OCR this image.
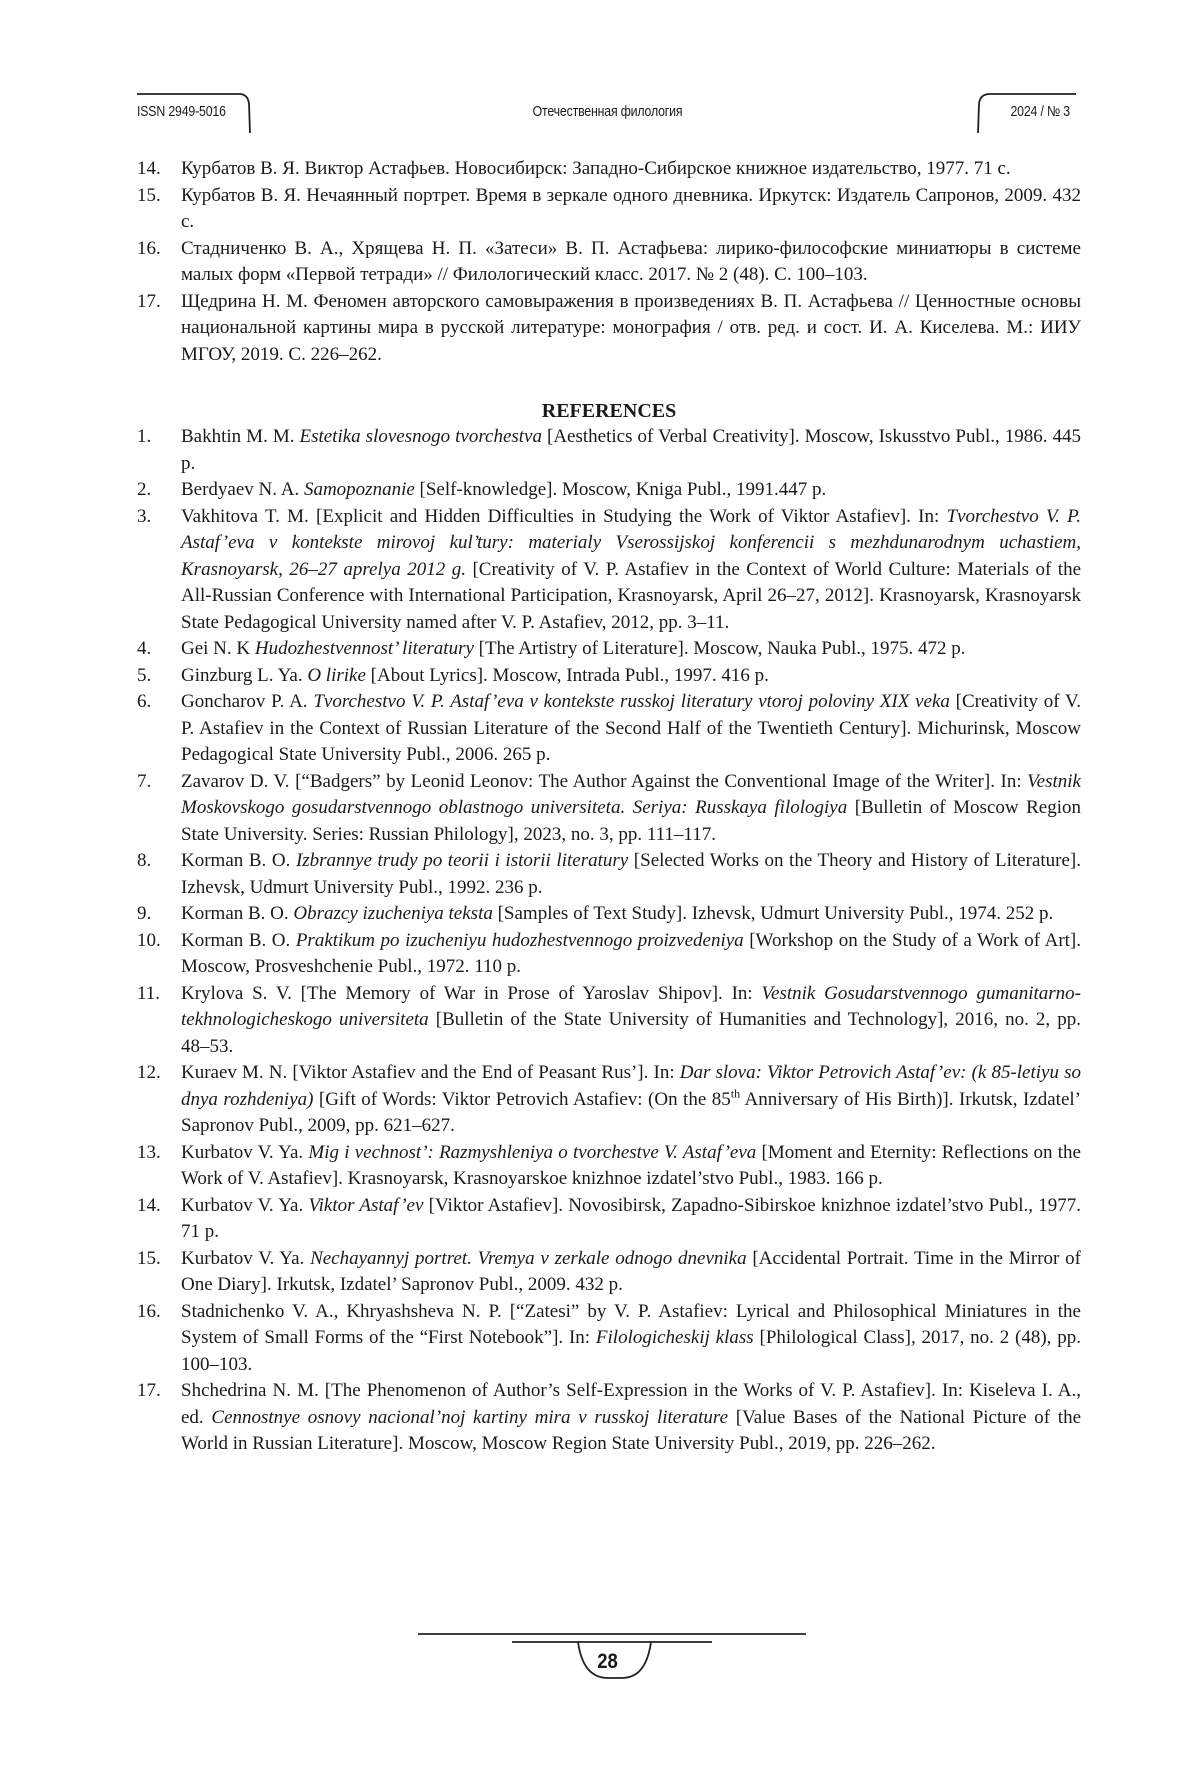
ISSN 2949-5016	Отечественная филология	2024 / № 3
14.	Курбатов В. Я. Виктор Астафьев. Новосибирск: Западно-Сибирское книжное издательство, 1977. 71 с.
15.	Курбатов В. Я. Нечаянный портрет. Время в зеркале одного дневника. Иркутск: Издатель Сапронов, 2009. 432 с.
16.	Стадниченко В. А., Хрящева Н. П. «Затеси» В. П. Астафьева: лирико-философские миниатюры в системе малых форм «Первой тетради» // Филологический класс. 2017. № 2 (48). С. 100–103.
17.	Щедрина Н. М. Феномен авторского самовыражения в произведениях В. П. Астафьева // Ценностные основы национальной картины мира в русской литературе: монография / отв. ред. и сост. И. А. Киселева. М.: ИИУ МГОУ, 2019. С. 226–262.
REFERENCES
1.	Bakhtin M. M. Estetika slovesnogo tvorchestva [Aesthetics of Verbal Creativity]. Moscow, Iskusstvo Publ., 1986. 445 p.
2.	Berdyaev N. A. Samopoznanie [Self-knowledge]. Moscow, Kniga Publ., 1991.447 p.
3.	Vakhitova T. M. [Explicit and Hidden Difficulties in Studying the Work of Viktor Astafiev]. In: Tvorchestvo V. P. Astaf’eva v kontekste mirovoj kul’tury: materialy Vserossijskoj konferencii s mezhdunarodnym uchastiem, Krasnoyarsk, 26–27 aprelya 2012 g. [Creativity of V. P. Astafiev in the Context of World Culture: Materials of the All-Russian Conference with International Participation, Krasnoyarsk, April 26–27, 2012]. Krasnoyarsk, Krasnoyarsk State Pedagogical University named after V. P. Astafiev, 2012, pp. 3–11.
4.	Gei N. K Hudozhestvennost’ literatury [The Artistry of Literature]. Moscow, Nauka Publ., 1975. 472 p.
5.	Ginzburg L. Ya. O lirike [About Lyrics]. Moscow, Intrada Publ., 1997. 416 p.
6.	Goncharov P. A. Tvorchestvo V. P. Astaf’eva v kontekste russkoj literatury vtoroj poloviny XIX veka [Creativity of V. P. Astafiev in the Context of Russian Literature of the Second Half of the Twentieth Century]. Michurinsk, Moscow Pedagogical State University Publ., 2006. 265 p.
7.	Zavarov D. V. [“Badgers” by Leonid Leonov: The Author Against the Conventional Image of the Writer]. In: Vestnik Moskovskogo gosudarstvennogo oblastnogo universiteta. Seriya: Russkaya filologiya [Bulletin of Moscow Region State University. Series: Russian Philology], 2023, no. 3, pp. 111–117.
8.	Korman B. O. Izbrannye trudy po teorii i istorii literatury [Selected Works on the Theory and History of Literature]. Izhevsk, Udmurt University Publ., 1992. 236 p.
9.	Korman B. O. Obrazcy izucheniya teksta [Samples of Text Study]. Izhevsk, Udmurt University Publ., 1974. 252 p.
10.	Korman B. O. Praktikum po izucheniyu hudozhestvennogo proizvedeniya [Workshop on the Study of a Work of Art]. Moscow, Prosveshchenie Publ., 1972. 110 p.
11.	Krylova S. V. [The Memory of War in Prose of Yaroslav Shipov]. In: Vestnik Gosudarstvennogo gumanitarno-tekhnologicheskogo universiteta [Bulletin of the State University of Humanities and Technology], 2016, no. 2, pp. 48–53.
12.	Kuraev M. N. [Viktor Astafiev and the End of Peasant Rus’]. In: Dar slova: Viktor Petrovich Astaf’ev: (k 85-letiyu so dnya rozhdeniya) [Gift of Words: Viktor Petrovich Astafiev: (On the 85th Anniversary of His Birth)]. Irkutsk, Izdatel’ Sapronov Publ., 2009, pp. 621–627.
13.	Kurbatov V. Ya. Mig i vechnost’: Razmyshleniya o tvorchestve V. Astaf’eva [Moment and Eternity: Reflections on the Work of V. Astafiev]. Krasnoyarsk, Krasnoyarskoe knizhnoe izdatel’stvo Publ., 1983. 166 p.
14.	Kurbatov V. Ya. Viktor Astaf’ev [Viktor Astafiev]. Novosibirsk, Zapadno-Sibirskoe knizhnoe izdatel’stvo Publ., 1977. 71 p.
15.	Kurbatov V. Ya. Nechayannyj portret. Vremya v zerkale odnogo dnevnika [Accidental Portrait. Time in the Mirror of One Diary]. Irkutsk, Izdatel’ Sapronov Publ., 2009. 432 p.
16.	Stadnichenko V. A., Khryashsheva N. P. [“Zatesi” by V. P. Astafiev: Lyrical and Philosophical Miniatures in the System of Small Forms of the “First Notebook”]. In: Filologicheskij klass [Philological Class], 2017, no. 2 (48), pp. 100–103.
17.	Shchedrina N. M. [The Phenomenon of Author’s Self-Expression in the Works of V. P. Astafiev]. In: Kiseleva I. A., ed. Cennostnye osnovy nacional’noj kartiny mira v russkoj literature [Value Bases of the National Picture of the World in Russian Literature]. Moscow, Moscow Region State University Publ., 2019, pp. 226–262.
28
